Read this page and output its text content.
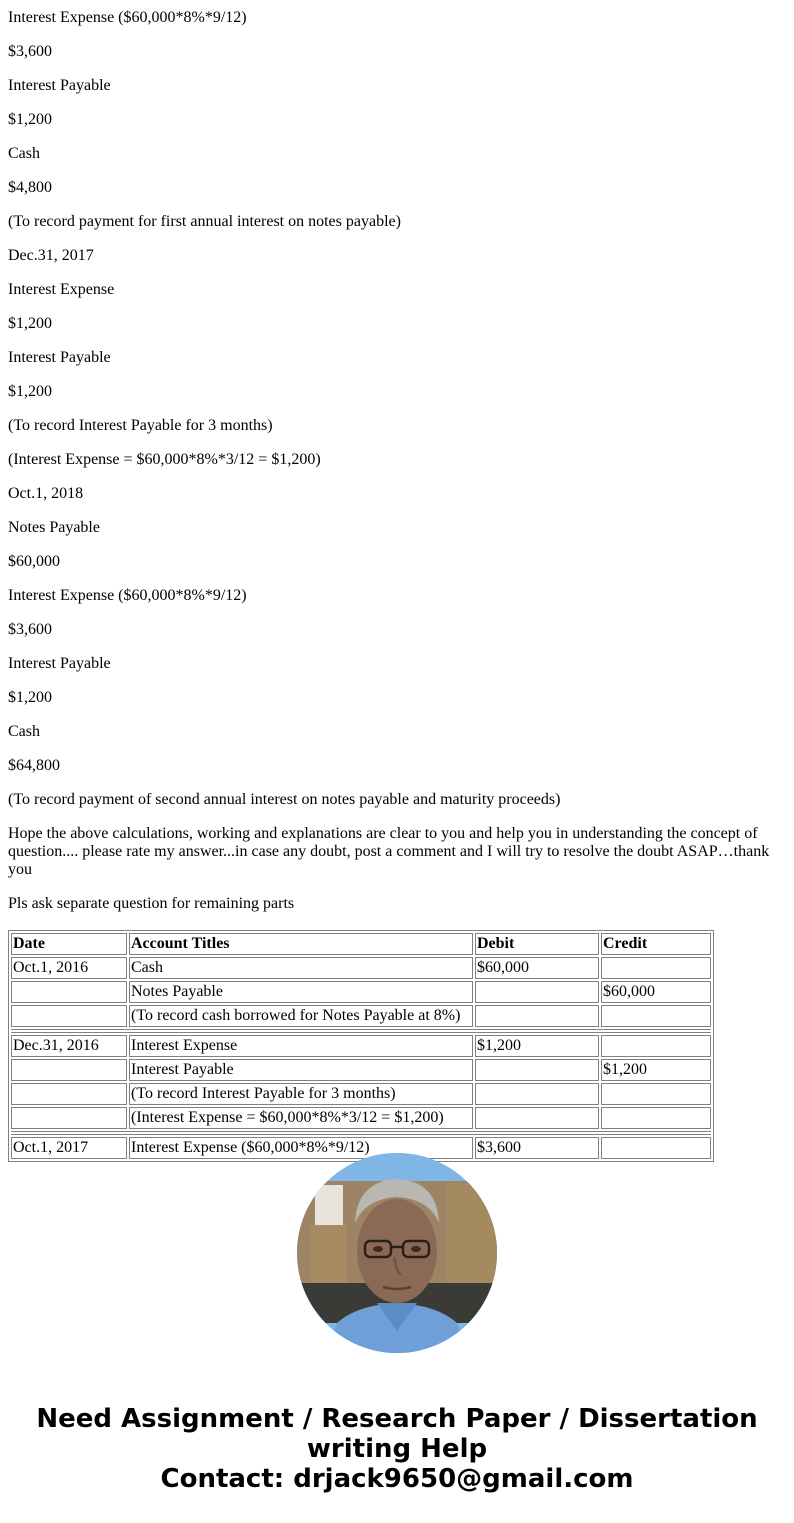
Interest Expense ($60,000*8%*9/12)

$3,600

Interest Payable

$1,200

Cash

$4,800

(To record payment for first annual interest on notes payable)

Dec.31, 2017

Interest Expense

$1,200

Interest Payable

$1,200

(To record Interest Payable for 3 months)

(Interest Expense = $60,000*8%*3/12 = $1,200)

Oct.1, 2018

Notes Payable

$60,000

Interest Expense ($60,000*8%*9/12)

$3,600

Interest Payable

$1,200

Cash

$64,800

(To record payment of second annual interest on notes payable and maturity proceeds)

Hope the above calculations, working and explanations are clear to you and help you in understanding the concept of question.... please rate my answer...in case any doubt, post a comment and I will try to resolve the doubt ASAP…thank you

Pls ask separate question for remaining parts

Date	Account Titles	Debit	Credit
Oct.1, 2016	Cash	$60,000	
	Notes Payable		$60,000
	(To record cash borrowed for Notes Payable at 8%)		

Dec.31, 2016	Interest Expense	$1,200	
	Interest Payable		$1,200
	(To record Interest Payable for 3 months)		
	(Interest Expense = $60,000*8%*3/12 = $1,200)		

Oct.1, 2017	Interest Expense ($60,000*8%*9/12)	$3,600	
Need Assignment / Research Paper / Dissertation
writing Help
Contact: drjack9650@gmail.com
